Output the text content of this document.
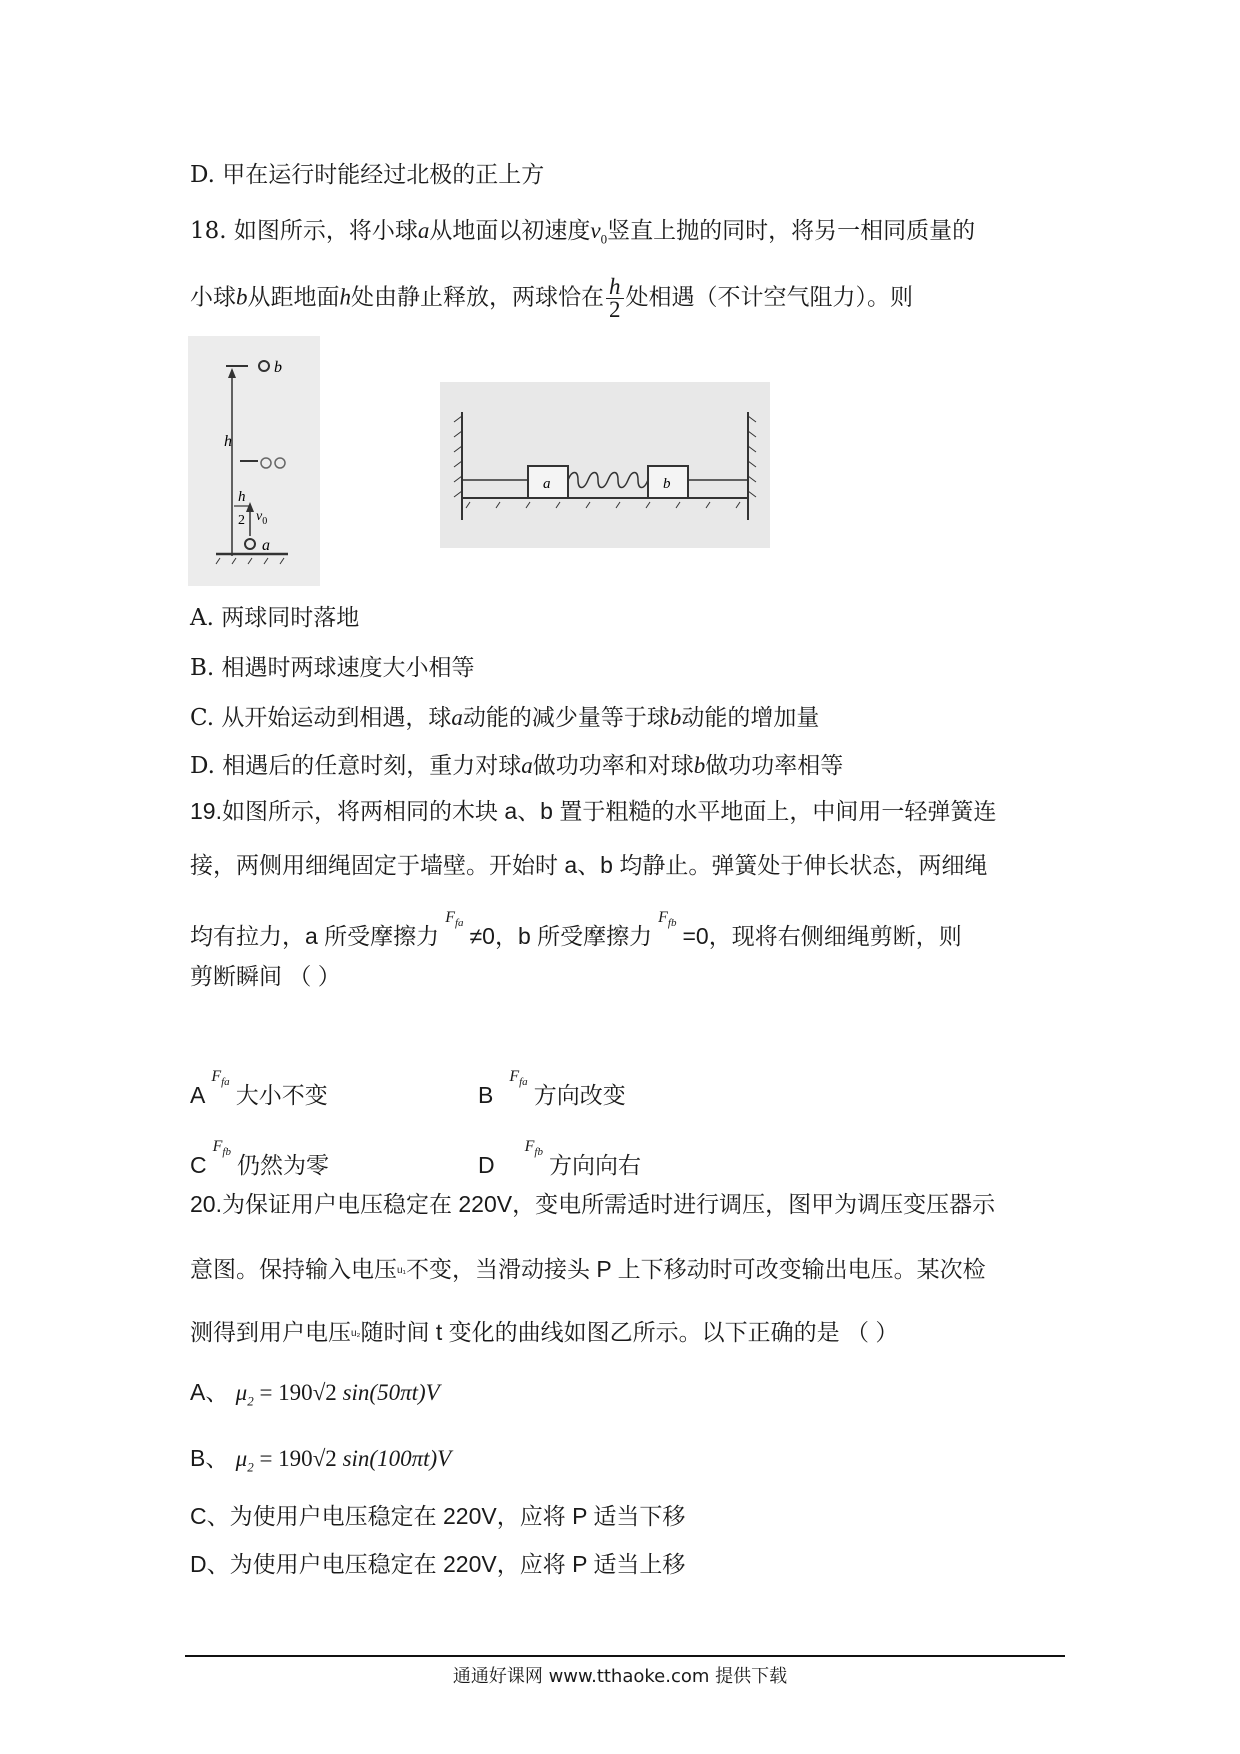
D. 甲在运行时能经过北极的正上方
18. 如图所示，将小球a从地面以初速度$v_0$竖直上抛的同时，将另一相同质量的
小球b从距地面h处由静止释放，两球恰在 $\frac{h}{2}$ 处相遇（不计空气阻力）。则
b
h
h
2 $v_0$
a
a	b
A. 两球同时落地
B. 相遇时两球速度大小相等
C. 从开始运动到相遇，球a动能的减少量等于球b动能的增加量
D. 相遇后的任意时刻，重力对球a做功功率和对球b做功功率相等
19.如图所示，将两相同的木块 a、b 置于粗糙的水平地面上，中间用一轻弹簧连
接，两侧用细绳固定于墙壁。开始时 a、b 均静止。弹簧处于伸长状态，两细绳
均有拉力，a 所受摩擦力$F_{fa} \ne 0$，b 所受摩擦力$F_{fb} =0$，现将右侧细绳剪断，则
剪断瞬间 （ ）
$AF_{fa}$ 大小不变	$BF_{fa}$ 方向改变
$CF_{fb}$ 仍然为零	$DF_{fb}$ 方向向右
20.为保证用户电压稳定在 220V，变电所需适时进行调压，图甲为调压变压器示
意图。保持输入电压u₁不变，当滑动接头 P 上下移动时可改变输出电压。某次检
测得到用户电压u₂随时间 t 变化的曲线如图乙所示。以下正确的是 （ ）
A、 $\mu_2 = 190√2$ sin(50πt)V
B、 $\mu_2 = 190√2$ sin(100πt)V
C、为使用户电压稳定在 220V，应将 P 适当下移
D、为使用户电压稳定在 220V，应将 P 适当上移
通通好课网 www.tthaoke.com 提供下载
